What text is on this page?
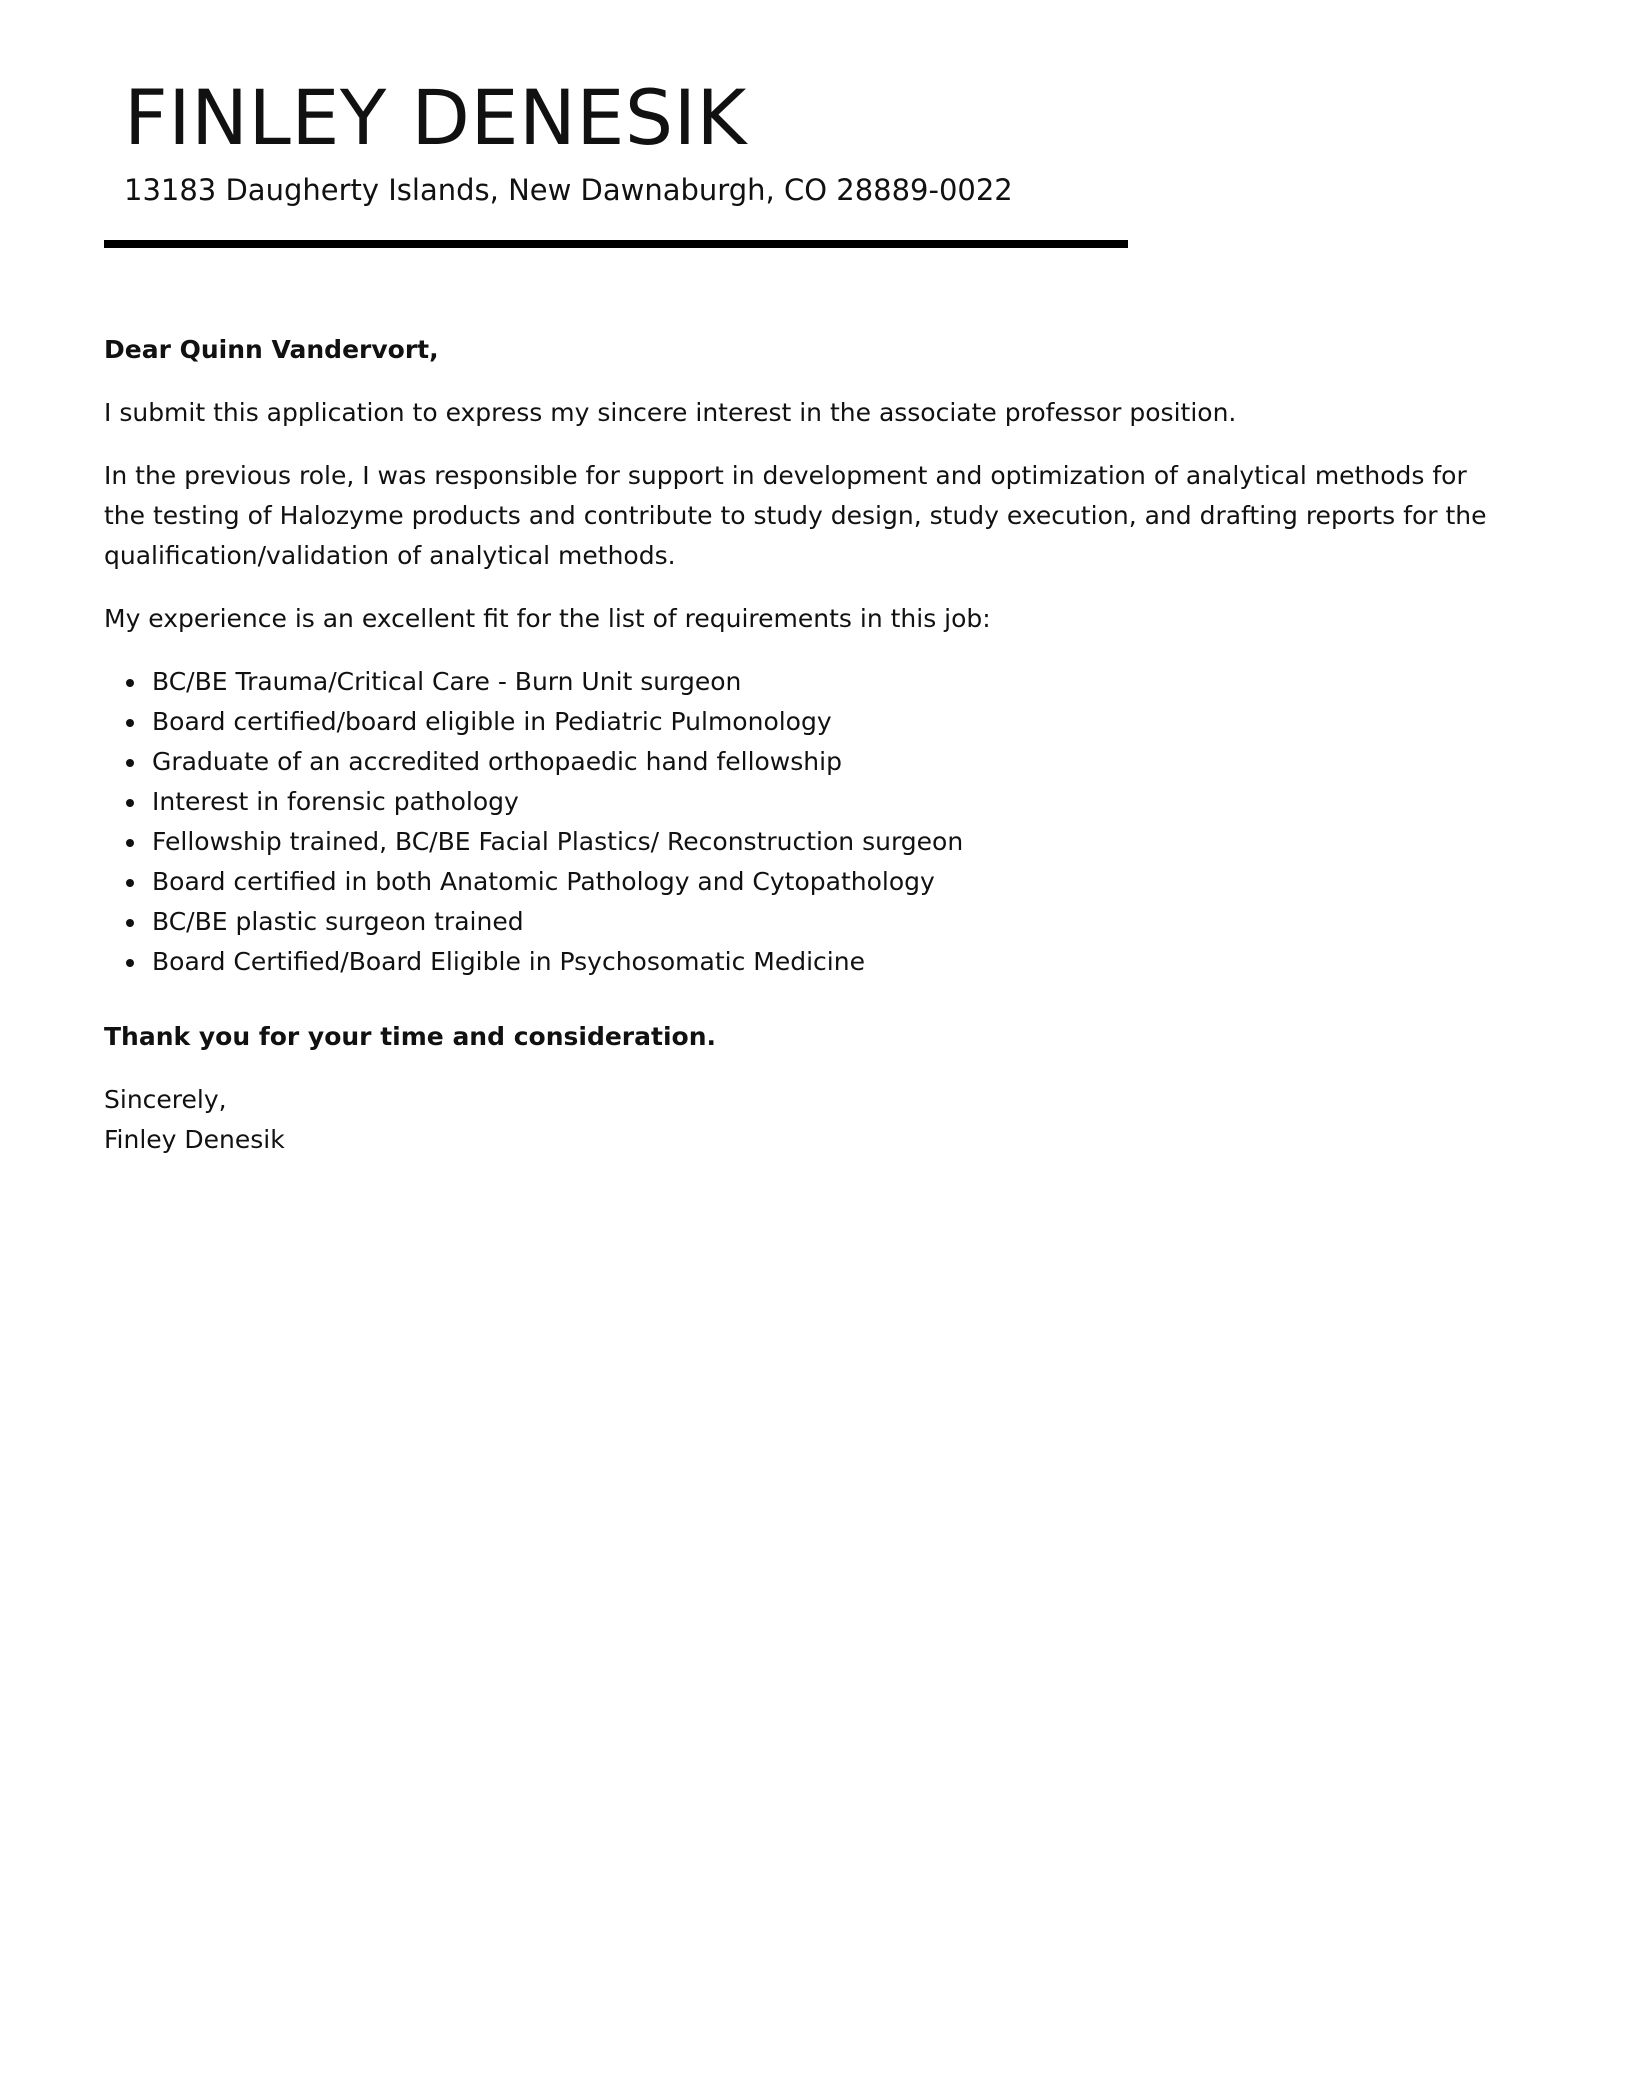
FINLEY DENESIK
13183 Daugherty Islands, New Dawnaburgh, CO 28889-0022

Dear Quinn Vandervort,

I submit this application to express my sincere interest in the associate professor position.

In the previous role, I was responsible for support in development and optimization of analytical methods for the testing of Halozyme products and contribute to study design, study execution, and drafting reports for the qualification/validation of analytical methods.

My experience is an excellent fit for the list of requirements in this job:

BC/BE Trauma/Critical Care - Burn Unit surgeon
Board certified/board eligible in Pediatric Pulmonology
Graduate of an accredited orthopaedic hand fellowship
Interest in forensic pathology
Fellowship trained, BC/BE Facial Plastics/ Reconstruction surgeon
Board certified in both Anatomic Pathology and Cytopathology
BC/BE plastic surgeon trained
Board Certified/Board Eligible in Psychosomatic Medicine

Thank you for your time and consideration.

Sincerely,

Finley Denesik
